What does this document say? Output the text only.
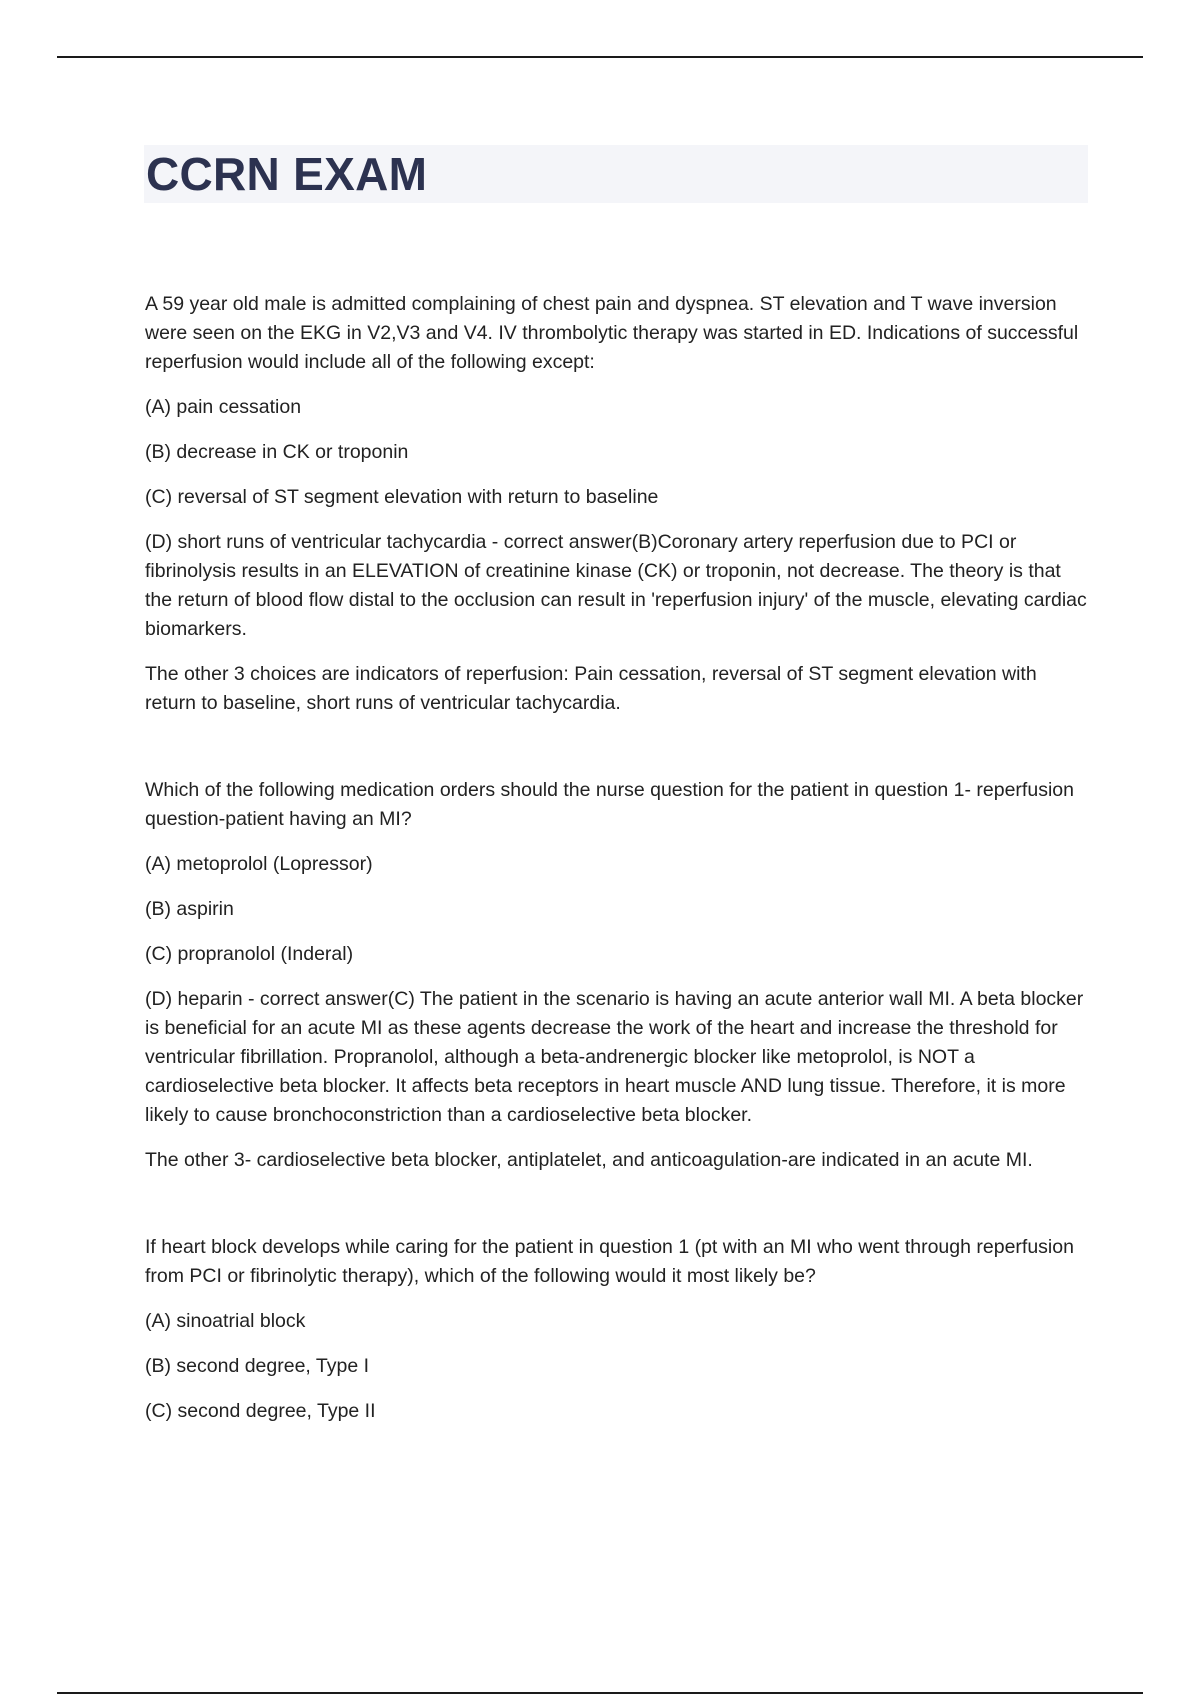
CCRN EXAM

A 59 year old male is admitted complaining of chest pain and dyspnea. ST elevation and T wave inversion were seen on the EKG in V2,V3 and V4. IV thrombolytic therapy was started in ED. Indications of successful reperfusion would include all of the following except:

(A) pain cessation

(B) decrease in CK or troponin

(C) reversal of ST segment elevation with return to baseline

(D) short runs of ventricular tachycardia - correct answer(B)Coronary artery reperfusion due to PCI or fibrinolysis results in an ELEVATION of creatinine kinase (CK) or troponin, not decrease. The theory is that the return of blood flow distal to the occlusion can result in 'reperfusion injury' of the muscle, elevating cardiac biomarkers.

The other 3 choices are indicators of reperfusion: Pain cessation, reversal of ST segment elevation with return to baseline, short runs of ventricular tachycardia.

Which of the following medication orders should the nurse question for the patient in question 1- reperfusion question-patient having an MI?

(A) metoprolol (Lopressor)

(B) aspirin

(C) propranolol (Inderal)

(D) heparin - correct answer(C) The patient in the scenario is having an acute anterior wall MI. A beta blocker is beneficial for an acute MI as these agents decrease the work of the heart and increase the threshold for ventricular fibrillation. Propranolol, although a beta-andrenergic blocker like metoprolol, is NOT a cardioselective beta blocker. It affects beta receptors in heart muscle AND lung tissue. Therefore, it is more likely to cause bronchoconstriction than a cardioselective beta blocker.

The other 3- cardioselective beta blocker, antiplatelet, and anticoagulation-are indicated in an acute MI.

If heart block develops while caring for the patient in question 1 (pt with an MI who went through reperfusion from PCI or fibrinolytic therapy), which of the following would it most likely be?

(A) sinoatrial block

(B) second degree, Type I

(C) second degree, Type II
